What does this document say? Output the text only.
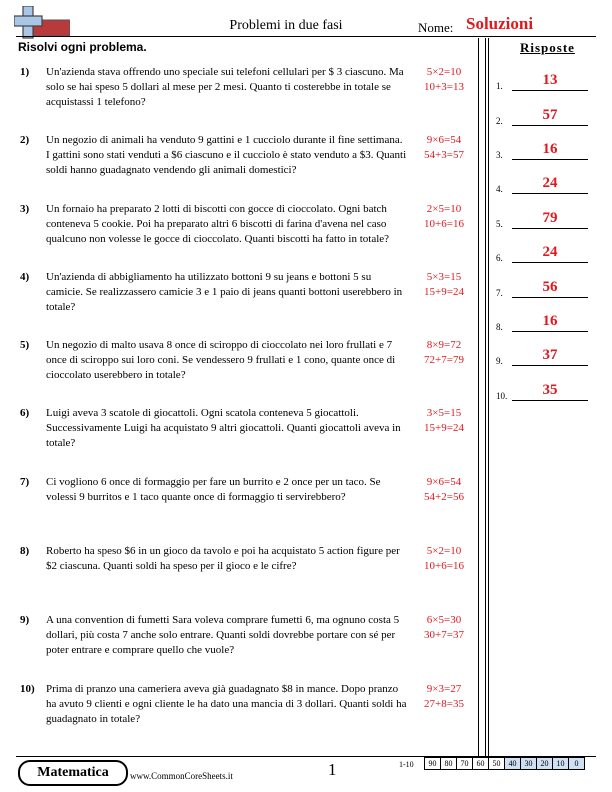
Problemi in due fasi	Nome: Soluzioni
Risolvi ogni problema.	Risposte
1) Un'azienda stava offrendo uno speciale sui telefoni cellulari per $ 3 ciascuno. Ma solo se hai speso 5 dollari al mese per 2 mesi. Quanto ti costerebbe in totale se acquistassi 1 telefono?
5×2=10
10+3=13
2) Un negozio di animali ha venduto 9 gattini e 1 cucciolo durante il fine settimana. I gattini sono stati venduti a $6 ciascuno e il cucciolo è stato venduto a $3. Quanti soldi hanno guadagnato vendendo gli animali domestici?
9×6=54
54+3=57
3) Un fornaio ha preparato 2 lotti di biscotti con gocce di cioccolato. Ogni batch conteneva 5 cookie. Poi ha preparato altri 6 biscotti di farina d'avena nel caso qualcuno non volesse le gocce di cioccolato. Quanti biscotti ha fatto in totale?
2×5=10
10+6=16
4) Un'azienda di abbigliamento ha utilizzato bottoni 9 su jeans e bottoni 5 su camicie. Se realizzassero camicie 3 e 1 paio di jeans quanti bottoni userebbero in totale?
5×3=15
15+9=24
5) Un negozio di malto usava 8 once di sciroppo di cioccolato nei loro frullati e 7 once di sciroppo sui loro coni. Se vendessero 9 frullati e 1 cono, quante once di cioccolato userebbero in totale?
8×9=72
72+7=79
6) Luigi aveva 3 scatole di giocattoli. Ogni scatola conteneva 5 giocattoli. Successivamente Luigi ha acquistato 9 altri giocattoli. Quanti giocattoli aveva in totale?
3×5=15
15+9=24
7) Ci vogliono 6 once di formaggio per fare un burrito e 2 once per un taco. Se volessi 9 burritos e 1 taco quante once di formaggio ti servirebbero?
9×6=54
54+2=56
8) Roberto ha speso $6 in un gioco da tavolo e poi ha acquistato 5 action figure per $2 ciascuna. Quanti soldi ha speso per il gioco e le cifre?
5×2=10
10+6=16
9) A una convention di fumetti Sara voleva comprare fumetti 6, ma ognuno costa 5 dollari, più costa 7 anche solo entrare. Quanti soldi dovrebbe portare con sé per poter entrare e comprare quello che vuole?
6×5=30
30+7=37
10) Prima di pranzo una cameriera aveva già guadagnato $8 in mance. Dopo pranzo ha avuto 9 clienti e ogni cliente le ha dato una mancia di 3 dollari. Quanti soldi ha guadagnato in totale?
9×3=27
27+8=35
1.	13
2.	57
3.	16
4.	24
5.	79
6.	24
7.	56
8.	16
9.	37
10.	35
Matematica	www.CommonCoreSheets.it	1	1-10 90	80	70	60	50	40	30	20	10	0
